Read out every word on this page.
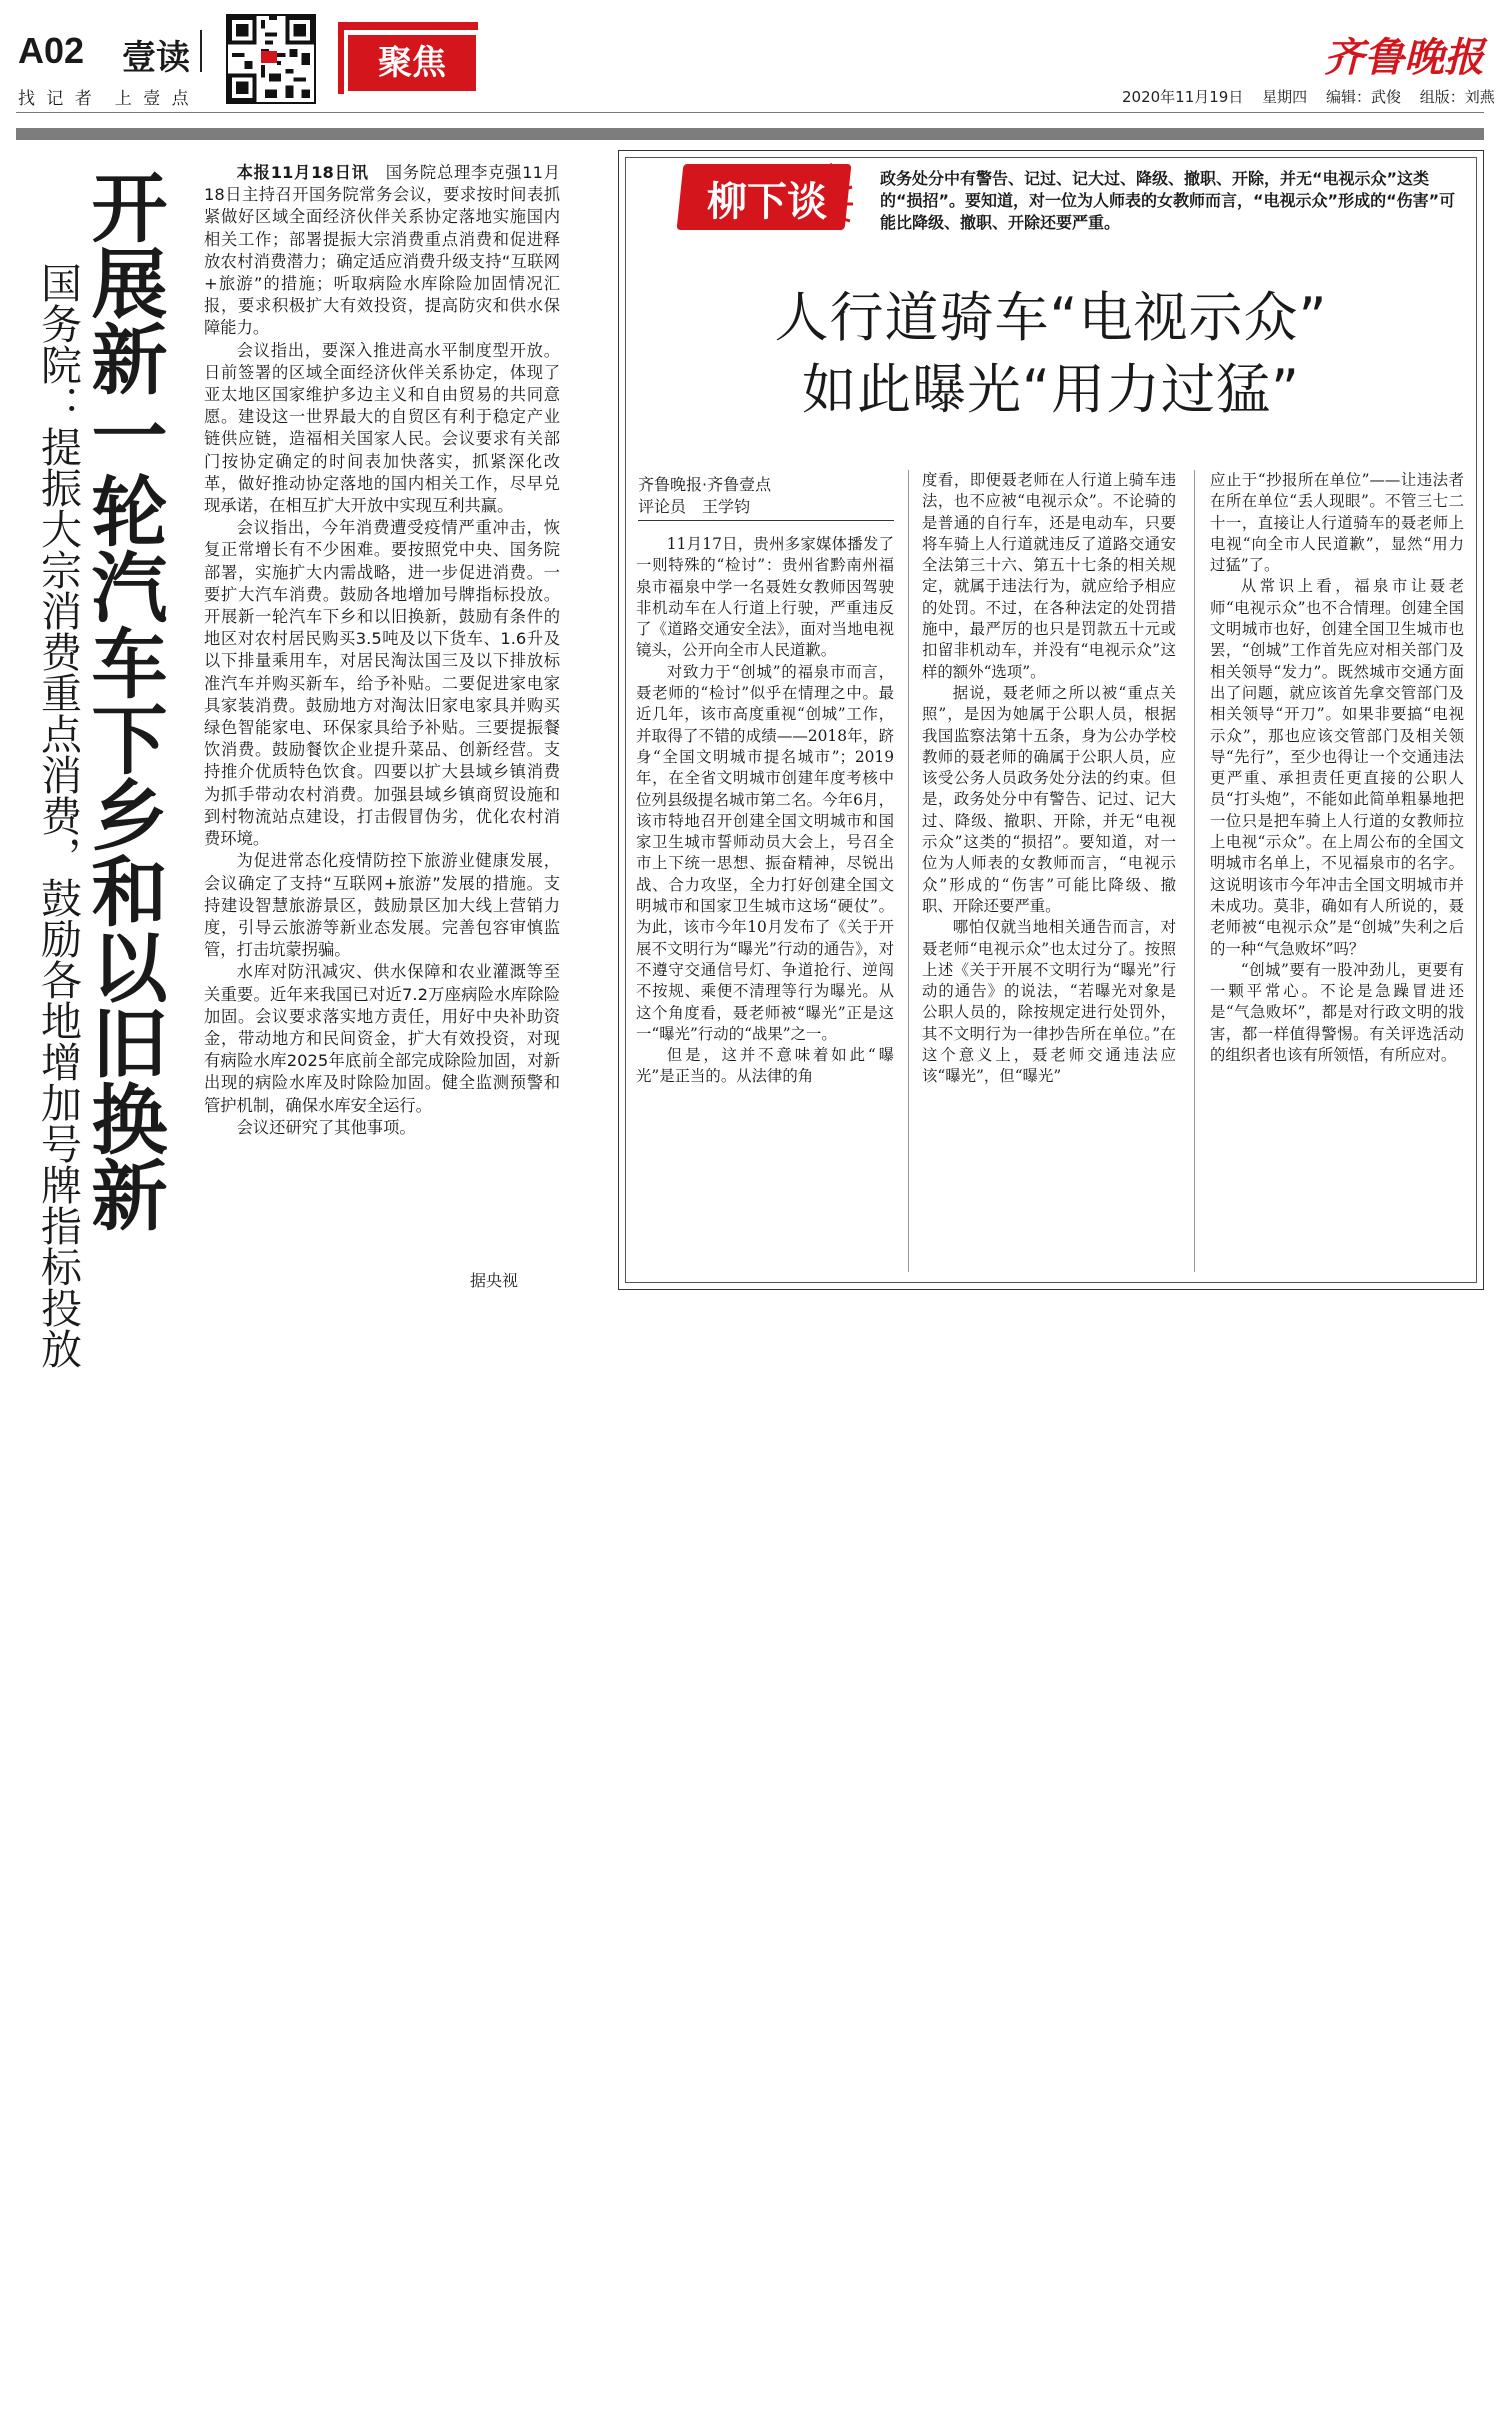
A02 壹读
找 记 者　上 壹 点
聚焦	齐鲁晚报
2020年11月19日 星期四 编辑：武俊 组版：刘燕
开展新一轮汽车下乡和以旧换新
国务院：提振大宗消费重点消费，鼓励各地增加号牌指标投放

本报11月18日讯　 国务院总理李克强11月18日主持召开国务院常务会议，要求按时间表抓紧做好区域全面经济伙伴关系协定落地实施国内相关工作；部署提振大宗消费重点消费和促进释放农村消费潜力；确定适应消费升级支持“互联网+旅游”的措施；听取病险水库除险加固情况汇报，要求积极扩大有效投资，提高防灾和供水保障能力。

会议指出，要深入推进高水平制度型开放。日前签署的区域全面经济伙伴关系协定，体现了亚太地区国家维护多边主义和自由贸易的共同意愿。建设这一世界最大的自贸区有利于稳定产业链供应链，造福相关国家人民。会议要求有关部门按协定确定的时间表加快落实，抓紧深化改革，做好推动协定落地的国内相关工作，尽早兑现承诺，在相互扩大开放中实现互利共赢。

会议指出，今年消费遭受疫情严重冲击，恢复正常增长有不少困难。要按照党中央、国务院部署，实施扩大内需战略，进一步促进消费。一要扩大汽车消费。鼓励各地增加号牌指标投放。开展新一轮汽车下乡和以旧换新，鼓励有条件的地区对农村居民购买3.5吨及以下货车、1.6升及以下排量乘用车，对居民淘汰国三及以下排放标准汽车并购买新车，给予补贴。二要促进家电家具家装消费。鼓励地方对淘汰旧家电家具并购买绿色智能家电、环保家具给予补贴。三要提振餐饮消费。鼓励餐饮企业提升菜品、创新经营。支持推介优质特色饮食。四要以扩大县域乡镇消费为抓手带动农村消费。加强县域乡镇商贸设施和到村物流站点建设，打击假冒伪劣，优化农村消费环境。

为促进常态化疫情防控下旅游业健康发展，会议确定了支持“互联网+旅游”发展的措施。支持建设智慧旅游景区，鼓励景区加大线上营销力度，引导云旅游等新业态发展。完善包容审慎监管，打击坑蒙拐骗。

水库对防汛减灾、供水保障和农业灌溉等至关重要。近年来我国已对近7.2万座病险水库除险加固。会议要求落实地方责任，用好中央补助资金，带动地方和民间资金，扩大有效投资，对现有病险水库2025年底前全部完成除险加固，对新出现的病险水库及时除险加固。健全监测预警和管护机制，确保水库安全运行。

会议还研究了其他事项。

据央视
柳下谈
政务处分中有警告、记过、记大过、降级、撤职、开除，并无“电视示众”这类的“损招”。要知道，对一位为人师表的女教师而言，“电视示众”形成的“伤害”可能比降级、撤职、开除还要严重。
人行道骑车“电视示众”
如此曝光“用力过猛”
齐鲁晚报·齐鲁壹点
评论员　王学钧

11月17日，贵州多家媒体播发了一则特殊的“检讨”：贵州省黔南州福泉市福泉中学一名聂姓女教师因驾驶非机动车在人行道上行驶，严重违反了《道路交通安全法》，面对当地电视镜头，公开向全市人民道歉。

对致力于“创城”的福泉市而言，聂老师的“检讨”似乎在情理之中。最近几年，该市高度重视“创城”工作，并取得了不错的成绩——2018年，跻身“全国文明城市提名城市”；2019年，在全省文明城市创建年度考核中位列县级提名城市第二名。今年6月，该市特地召开创建全国文明城市和国家卫生城市誓师动员大会上，号召全市上下统一思想、振奋精神，尽锐出战、合力攻坚，全力打好创建全国文明城市和国家卫生城市这场“硬仗”。为此，该市今年10月发布了《关于开展不文明行为“曝光”行动的通告》，对不遵守交通信号灯、争道抢行、逆闯不按规、乘便不清理等行为曝光。从这个角度看，聂老师被“曝光”正是这一“曝光”行动的“战果”之一。

但是，这并不意味着如此“曝光”是正当的。从法律的角

度看，即便聂老师在人行道上骑车违法，也不应被“电视示众”。不论骑的是普通的自行车，还是电动车，只要将车骑上人行道就违反了道路交通安全法第三十六、第五十七条的相关规定，就属于违法行为，就应给予相应的处罚。不过，在各种法定的处罚措施中，最严厉的也只是罚款五十元或扣留非机动车，并没有“电视示众”这样的额外“选项”。

据说，聂老师之所以被“重点关照”，是因为她属于公职人员，根据我国监察法第十五条，身为公办学校教师的聂老师的确属于公职人员，应该受公务人员政务处分法的约束。但是，政务处分中有警告、记过、记大过、降级、撤职、开除，并无“电视示众”这类的“损招”。要知道，对一位为人师表的女教师而言，“电视示众”形成的“伤害”可能比降级、撤职、开除还要严重。

哪怕仅就当地相关通告而言，对聂老师“电视示众”也太过分了。按照上述《关于开展不文明行为“曝光”行动的通告》的说法，“若曝光对象是公职人员的，除按规定进行处罚外，其不文明行为一律抄告所在单位。”在这个意义上，聂老师交通违法应该“曝光”，但“曝光”

应止于“抄报所在单位”——让违法者在所在单位“丢人现眼”。不管三七二十一，直接让人行道骑车的聂老师上电视“向全市人民道歉”，显然“用力过猛”了。

从常识上看，福泉市让聂老师“电视示众”也不合情理。创建全国文明城市也好，创建全国卫生城市也罢，“创城”工作首先应对相关部门及相关领导“发力”。既然城市交通方面出了问题，就应该首先拿交管部门及相关领导“开刀”。如果非要搞“电视示众”，那也应该交管部门及相关领导“先行”，至少也得让一个交通违法更严重、承担责任更直接的公职人员“打头炮”，不能如此简单粗暴地把一位只是把车骑上人行道的女教师拉上电视“示众”。在上周公布的全国文明城市名单上，不见福泉市的名字。这说明该市今年冲击全国文明城市并未成功。莫非，确如有人所说的，聂老师被“电视示众”是“创城”失利之后的一种“气急败坏”吗？

“创城”要有一股冲劲儿，更要有一颗平常心。不论是急躁冒进还是“气急败坏”，都是对行政文明的戕害，都一样值得警惕。有关评选活动的组织者也该有所领悟，有所应对。
